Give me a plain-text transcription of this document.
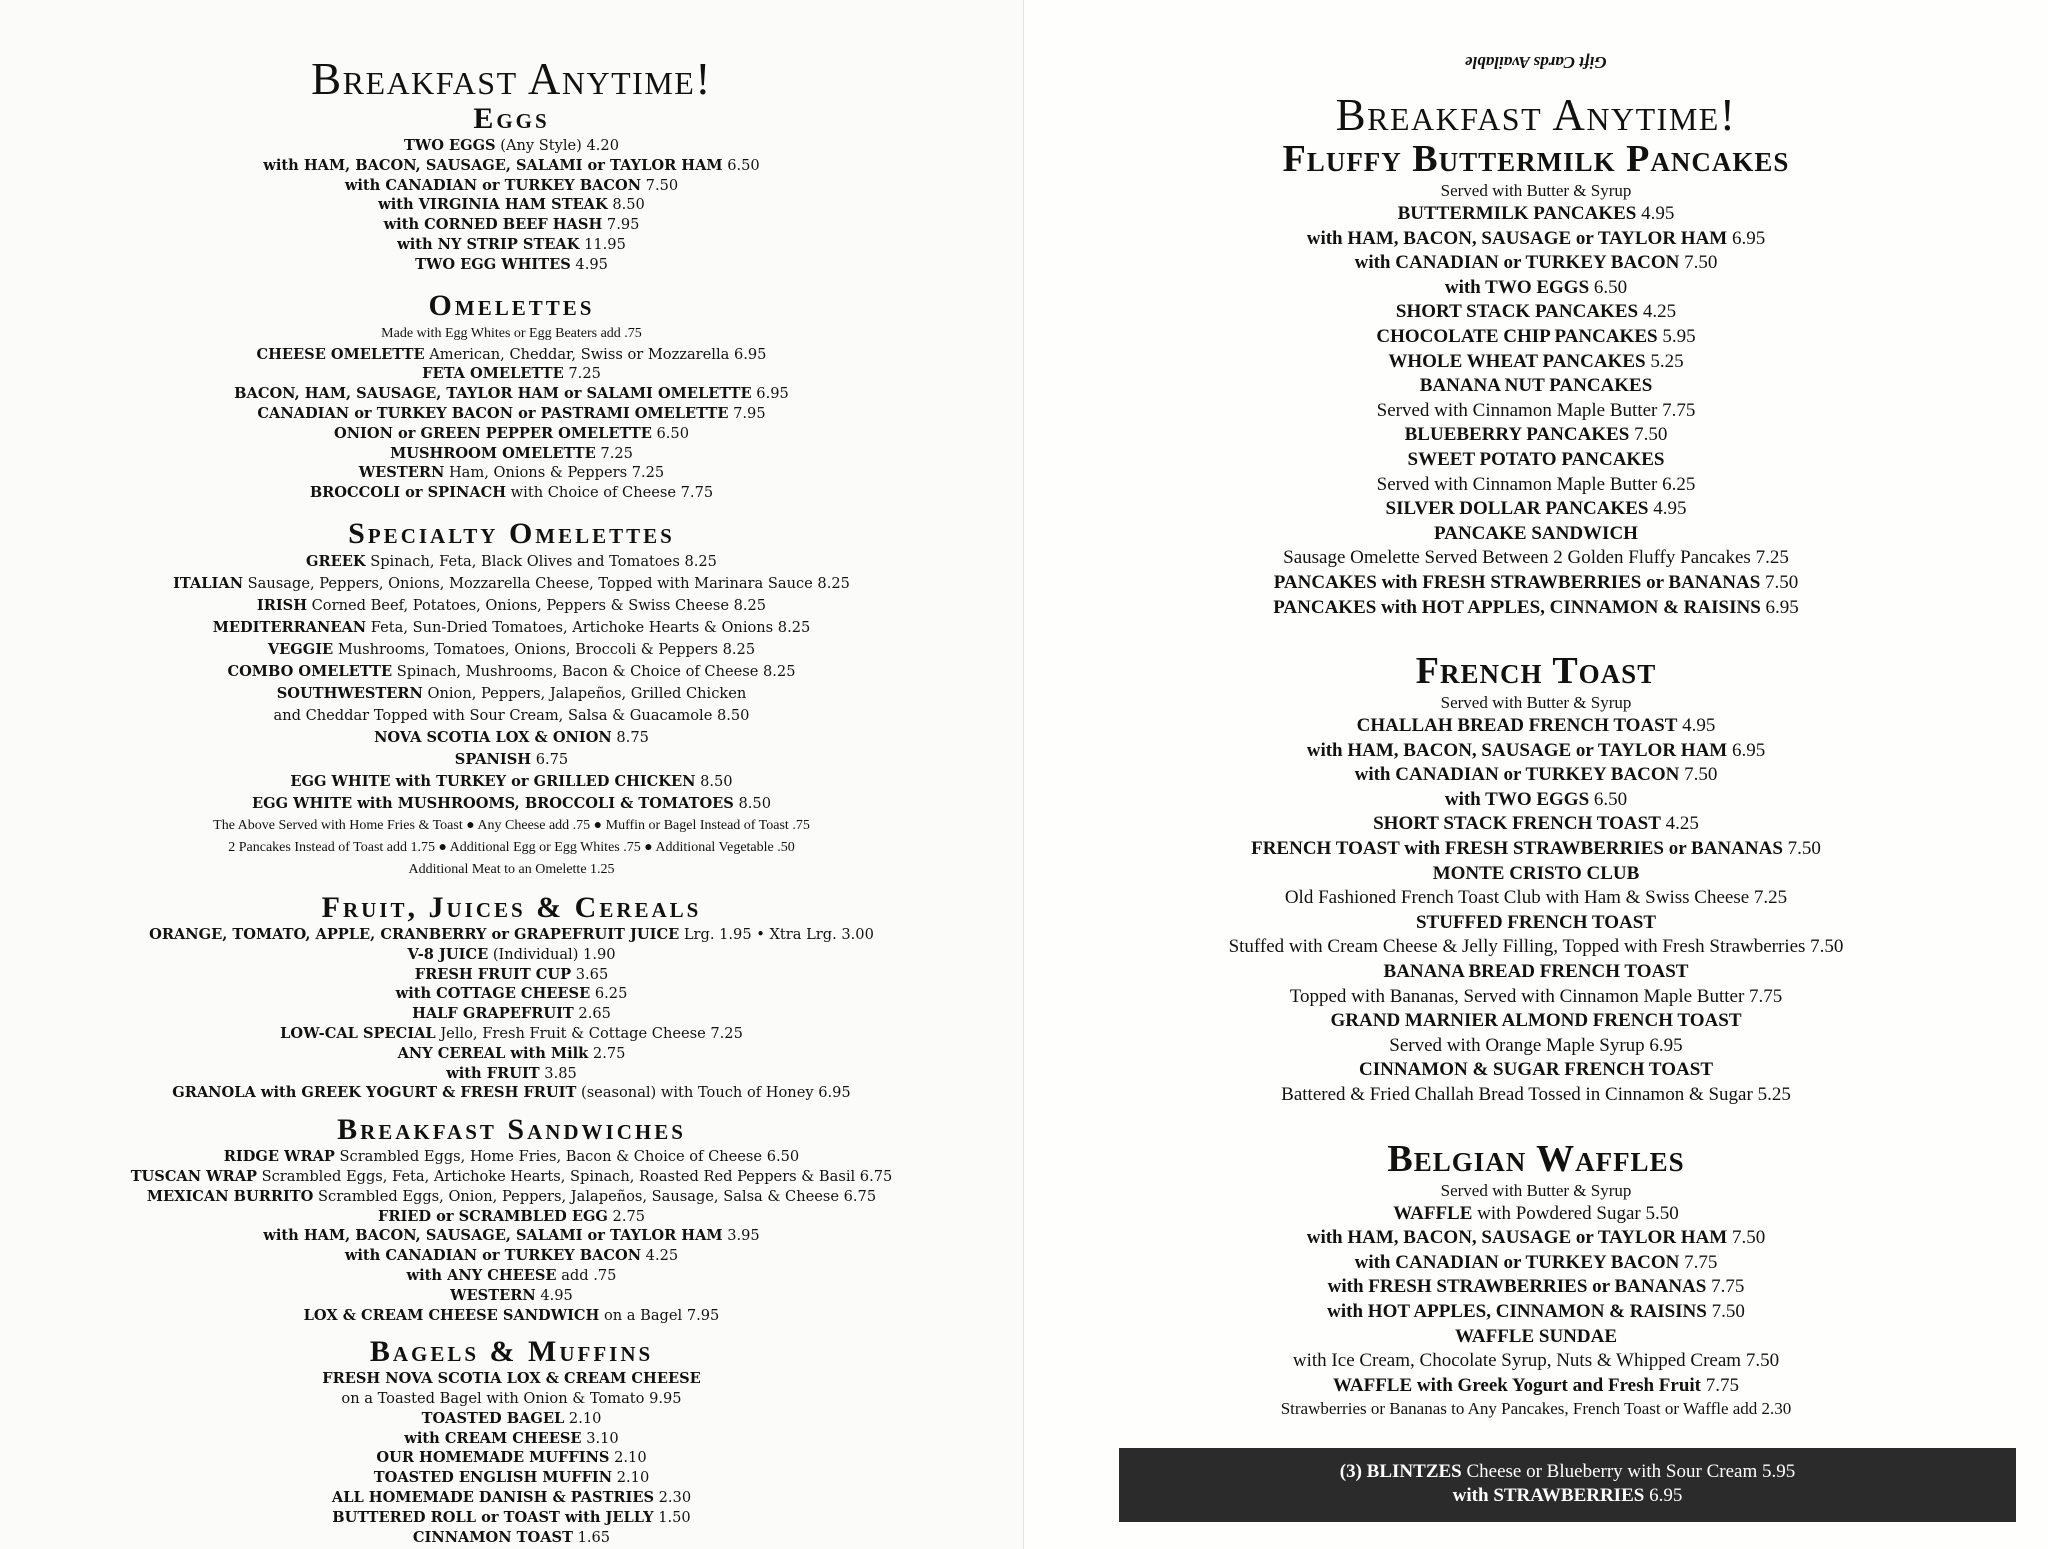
Breakfast Anytime!
Eggs
TWO EGGS (Any Style) 4.20
with HAM, BACON, SAUSAGE, SALAMI or TAYLOR HAM 6.50
with CANADIAN or TURKEY BACON 7.50
with VIRGINIA HAM STEAK 8.50
with CORNED BEEF HASH 7.95
with NY STRIP STEAK 11.95
TWO EGG WHITES 4.95
Omelettes
Made with Egg Whites or Egg Beaters add .75
CHEESE OMELETTE American, Cheddar, Swiss or Mozzarella 6.95
FETA OMELETTE 7.25
BACON, HAM, SAUSAGE, TAYLOR HAM or SALAMI OMELETTE 6.95
CANADIAN or TURKEY BACON or PASTRAMI OMELETTE 7.95
ONION or GREEN PEPPER OMELETTE 6.50
MUSHROOM OMELETTE 7.25
WESTERN Ham, Onions & Peppers 7.25
BROCCOLI or SPINACH with Choice of Cheese 7.75
Specialty Omelettes
GREEK Spinach, Feta, Black Olives and Tomatoes 8.25
ITALIAN Sausage, Peppers, Onions, Mozzarella Cheese, Topped with Marinara Sauce 8.25
IRISH Corned Beef, Potatoes, Onions, Peppers & Swiss Cheese 8.25
MEDITERRANEAN Feta, Sun-Dried Tomatoes, Artichoke Hearts & Onions 8.25
VEGGIE Mushrooms, Tomatoes, Onions, Broccoli & Peppers 8.25
COMBO OMELETTE Spinach, Mushrooms, Bacon & Choice of Cheese 8.25
SOUTHWESTERN Onion, Peppers, Jalapeños, Grilled Chicken
and Cheddar Topped with Sour Cream, Salsa & Guacamole 8.50
NOVA SCOTIA LOX & ONION 8.75
SPANISH 6.75
EGG WHITE with TURKEY or GRILLED CHICKEN 8.50
EGG WHITE with MUSHROOMS, BROCCOLI & TOMATOES 8.50
The Above Served with Home Fries & Toast ● Any Cheese add .75 ● Muffin or Bagel Instead of Toast .75
2 Pancakes Instead of Toast add 1.75 ● Additional Egg or Egg Whites .75 ● Additional Vegetable .50
Additional Meat to an Omelette 1.25
Fruit, Juices & Cereals
ORANGE, TOMATO, APPLE, CRANBERRY or GRAPEFRUIT JUICE Lrg. 1.95 • Xtra Lrg. 3.00
V-8 JUICE (Individual) 1.90
FRESH FRUIT CUP 3.65
with COTTAGE CHEESE 6.25
HALF GRAPEFRUIT 2.65
LOW-CAL SPECIAL Jello, Fresh Fruit & Cottage Cheese 7.25
ANY CEREAL with Milk 2.75
with FRUIT 3.85
GRANOLA with GREEK YOGURT & FRESH FRUIT (seasonal) with Touch of Honey 6.95
Breakfast Sandwiches
RIDGE WRAP Scrambled Eggs, Home Fries, Bacon & Choice of Cheese 6.50
TUSCAN WRAP Scrambled Eggs, Feta, Artichoke Hearts, Spinach, Roasted Red Peppers & Basil 6.75
MEXICAN BURRITO Scrambled Eggs, Onion, Peppers, Jalapeños, Sausage, Salsa & Cheese 6.75
FRIED or SCRAMBLED EGG 2.75
with HAM, BACON, SAUSAGE, SALAMI or TAYLOR HAM 3.95
with CANADIAN or TURKEY BACON 4.25
with ANY CHEESE add .75
WESTERN 4.95
LOX & CREAM CHEESE SANDWICH on a Bagel 7.95
Bagels & Muffins
FRESH NOVA SCOTIA LOX & CREAM CHEESE
on a Toasted Bagel with Onion & Tomato 9.95
TOASTED BAGEL 2.10
with CREAM CHEESE 3.10
OUR HOMEMADE MUFFINS 2.10
TOASTED ENGLISH MUFFIN 2.10
ALL HOMEMADE DANISH & PASTRIES 2.30
BUTTERED ROLL or TOAST with JELLY 1.50
CINNAMON TOAST 1.65
Gift Cards Available
Breakfast Anytime!
Fluffy Buttermilk Pancakes
Served with Butter & Syrup
BUTTERMILK PANCAKES 4.95
with HAM, BACON, SAUSAGE or TAYLOR HAM 6.95
with CANADIAN or TURKEY BACON 7.50
with TWO EGGS 6.50
SHORT STACK PANCAKES 4.25
CHOCOLATE CHIP PANCAKES 5.95
WHOLE WHEAT PANCAKES 5.25
BANANA NUT PANCAKES
Served with Cinnamon Maple Butter 7.75
BLUEBERRY PANCAKES 7.50
SWEET POTATO PANCAKES
Served with Cinnamon Maple Butter 6.25
SILVER DOLLAR PANCAKES 4.95
PANCAKE SANDWICH
Sausage Omelette Served Between 2 Golden Fluffy Pancakes 7.25
PANCAKES with FRESH STRAWBERRIES or BANANAS 7.50
PANCAKES with HOT APPLES, CINNAMON & RAISINS 6.95
French Toast
Served with Butter & Syrup
CHALLAH BREAD FRENCH TOAST 4.95
with HAM, BACON, SAUSAGE or TAYLOR HAM 6.95
with CANADIAN or TURKEY BACON 7.50
with TWO EGGS 6.50
SHORT STACK FRENCH TOAST 4.25
FRENCH TOAST with FRESH STRAWBERRIES or BANANAS 7.50
MONTE CRISTO CLUB
Old Fashioned French Toast Club with Ham & Swiss Cheese 7.25
STUFFED FRENCH TOAST
Stuffed with Cream Cheese & Jelly Filling, Topped with Fresh Strawberries 7.50
BANANA BREAD FRENCH TOAST
Topped with Bananas, Served with Cinnamon Maple Butter 7.75
GRAND MARNIER ALMOND FRENCH TOAST
Served with Orange Maple Syrup 6.95
CINNAMON & SUGAR FRENCH TOAST
Battered & Fried Challah Bread Tossed in Cinnamon & Sugar 5.25
Belgian Waffles
Served with Butter & Syrup
WAFFLE with Powdered Sugar 5.50
with HAM, BACON, SAUSAGE or TAYLOR HAM 7.50
with CANADIAN or TURKEY BACON 7.75
with FRESH STRAWBERRIES or BANANAS 7.75
with HOT APPLES, CINNAMON & RAISINS 7.50
WAFFLE SUNDAE
with Ice Cream, Chocolate Syrup, Nuts & Whipped Cream 7.50
WAFFLE with Greek Yogurt and Fresh Fruit 7.75
Strawberries or Bananas to Any Pancakes, French Toast or Waffle add 2.30
(3) BLINTZES Cheese or Blueberry with Sour Cream 5.95
with STRAWBERRIES 6.95
